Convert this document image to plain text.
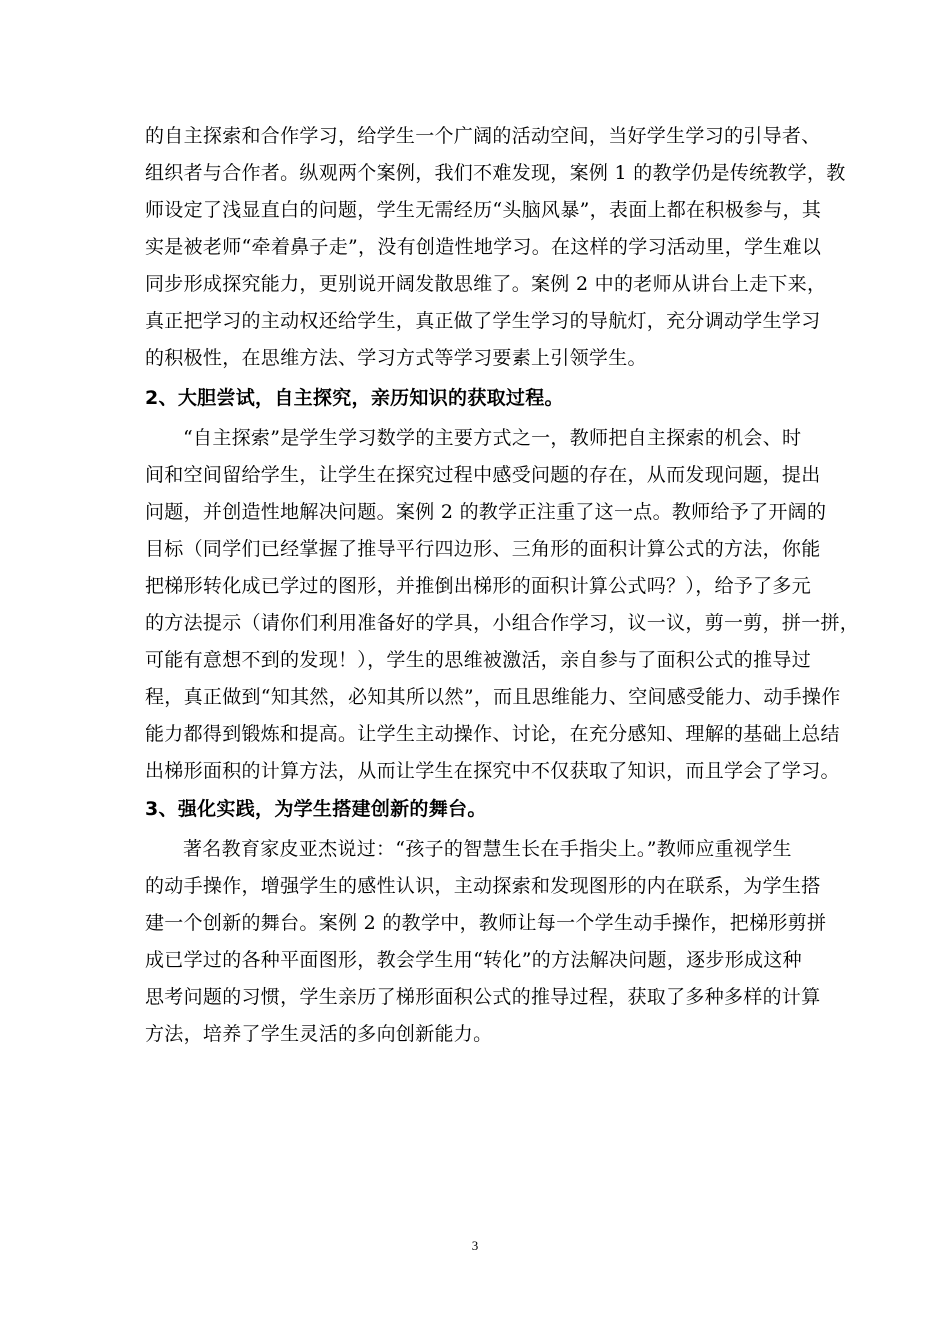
的自主探索和合作学习，给学生一个广阔的活动空间，当好学生学习的引导者、
组织者与合作者。纵观两个案例，我们不难发现，案例 1 的教学仍是传统教学，教
师设定了浅显直白的问题，学生无需经历“头脑风暴”，表面上都在积极参与，其
实是被老师“牵着鼻子走”，没有创造性地学习。在这样的学习活动里，学生难以
同步形成探究能力，更别说开阔发散思维了。案例 2 中的老师从讲台上走下来，
真正把学习的主动权还给学生，真正做了学生学习的导航灯，充分调动学生学习
的积极性，在思维方法、学习方式等学习要素上引领学生。
2、大胆尝试，自主探究，亲历知识的获取过程。
“自主探索”是学生学习数学的主要方式之一，教师把自主探索的机会、时
间和空间留给学生，让学生在探究过程中感受问题的存在，从而发现问题，提出
问题，并创造性地解决问题。案例 2 的教学正注重了这一点。教师给予了开阔的
目标（同学们已经掌握了推导平行四边形、三角形的面积计算公式的方法，你能
把梯形转化成已学过的图形，并推倒出梯形的面积计算公式吗？），给予了多元
的方法提示（请你们利用准备好的学具，小组合作学习，议一议，剪一剪，拼一拼，
可能有意想不到的发现！），学生的思维被激活，亲自参与了面积公式的推导过
程，真正做到“知其然，必知其所以然”，而且思维能力、空间感受能力、动手操作
能力都得到锻炼和提高。让学生主动操作、讨论，在充分感知、理解的基础上总结
出梯形面积的计算方法，从而让学生在探究中不仅获取了知识，而且学会了学习。
3、强化实践，为学生搭建创新的舞台。
著名教育家皮亚杰说过：“孩子的智慧生长在手指尖上。”教师应重视学生
的动手操作，增强学生的感性认识，主动探索和发现图形的内在联系，为学生搭
建一个创新的舞台。案例 2 的教学中，教师让每一个学生动手操作，把梯形剪拼
成已学过的各种平面图形，教会学生用“转化”的方法解决问题，逐步形成这种
思考问题的习惯，学生亲历了梯形面积公式的推导过程，获取了多种多样的计算
方法，培养了学生灵活的多向创新能力。
3
